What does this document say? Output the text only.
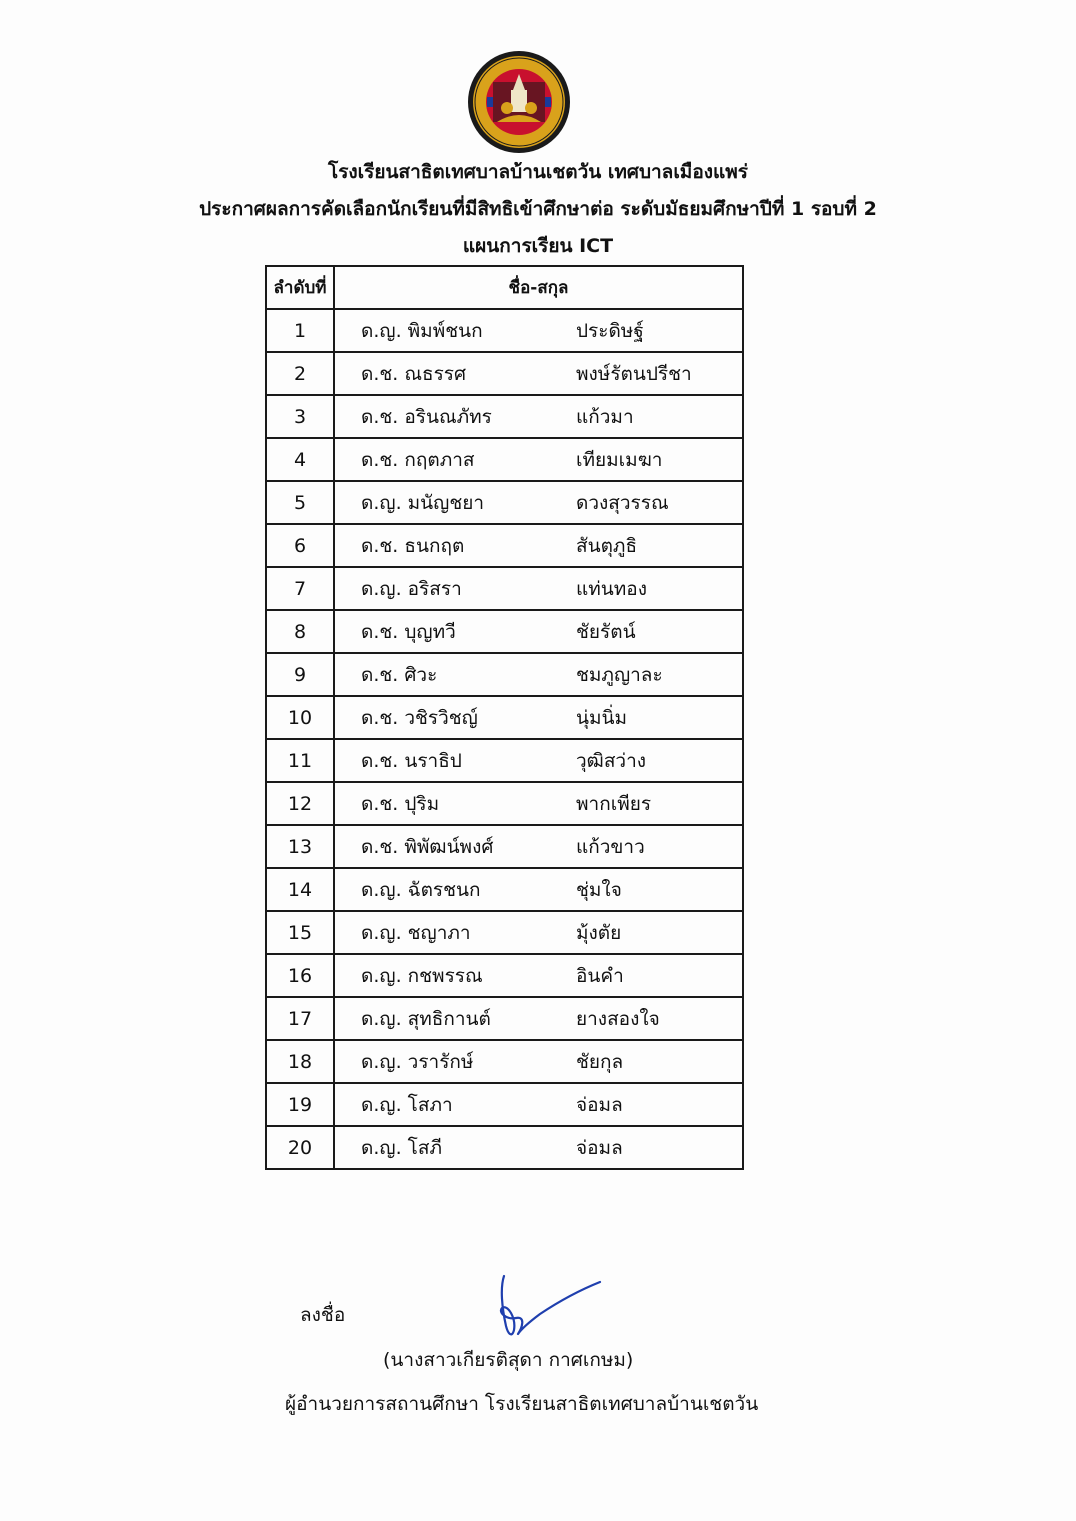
โรงเรียนสาธิตเทศบาลบ้านเชตวัน เทศบาลเมืองแพร่
ประกาศผลการคัดเลือกนักเรียนที่มีสิทธิเข้าศึกษาต่อ ระดับมัธยมศึกษาปีที่ 1 รอบที่ 2
แผนการเรียน ICT
ลำดับที่	ชื่อ-สกุล

1	ด.ญ. พิมพ์ชนก ประดิษฐ์

2	ด.ช. ณธรรศ พงษ์รัตนปรีชา

3	ด.ช. อรินณภัทร แก้วมา

4	ด.ช. กฤตภาส เทียมเมฆา

5	ด.ญ. มนัญชยา ดวงสุวรรณ

6	ด.ช. ธนกฤต สันตุภูธิ

7	ด.ญ. อริสรา แท่นทอง

8	ด.ช. บุญทวี ชัยรัตน์

9	ด.ช. ศิวะ ชมภูญาละ

10	ด.ช. วชิรวิชญ์ นุ่มนิ่ม

11	ด.ช. นราธิป วุฒิสว่าง

12	ด.ช. ปุริม พากเพียร

13	ด.ช. พิพัฒน์พงศ์ แก้วขาว

14	ด.ญ. ฉัตรชนก ชุ่มใจ

15	ด.ญ. ชญาภา มุ้งตัย

16	ด.ญ. กชพรรณ อินคำ

17	ด.ญ. สุทธิกานต์ ยางสองใจ

18	ด.ญ. วรารักษ์ ชัยกุล

19	ด.ญ. โสภา จ่อมล

20	ด.ญ. โสภี จ่อมล
ลงชื่อ
(นางสาวเกียรติสุดา กาศเกษม)
ผู้อำนวยการสถานศึกษา โรงเรียนสาธิตเทศบาลบ้านเชตวัน
